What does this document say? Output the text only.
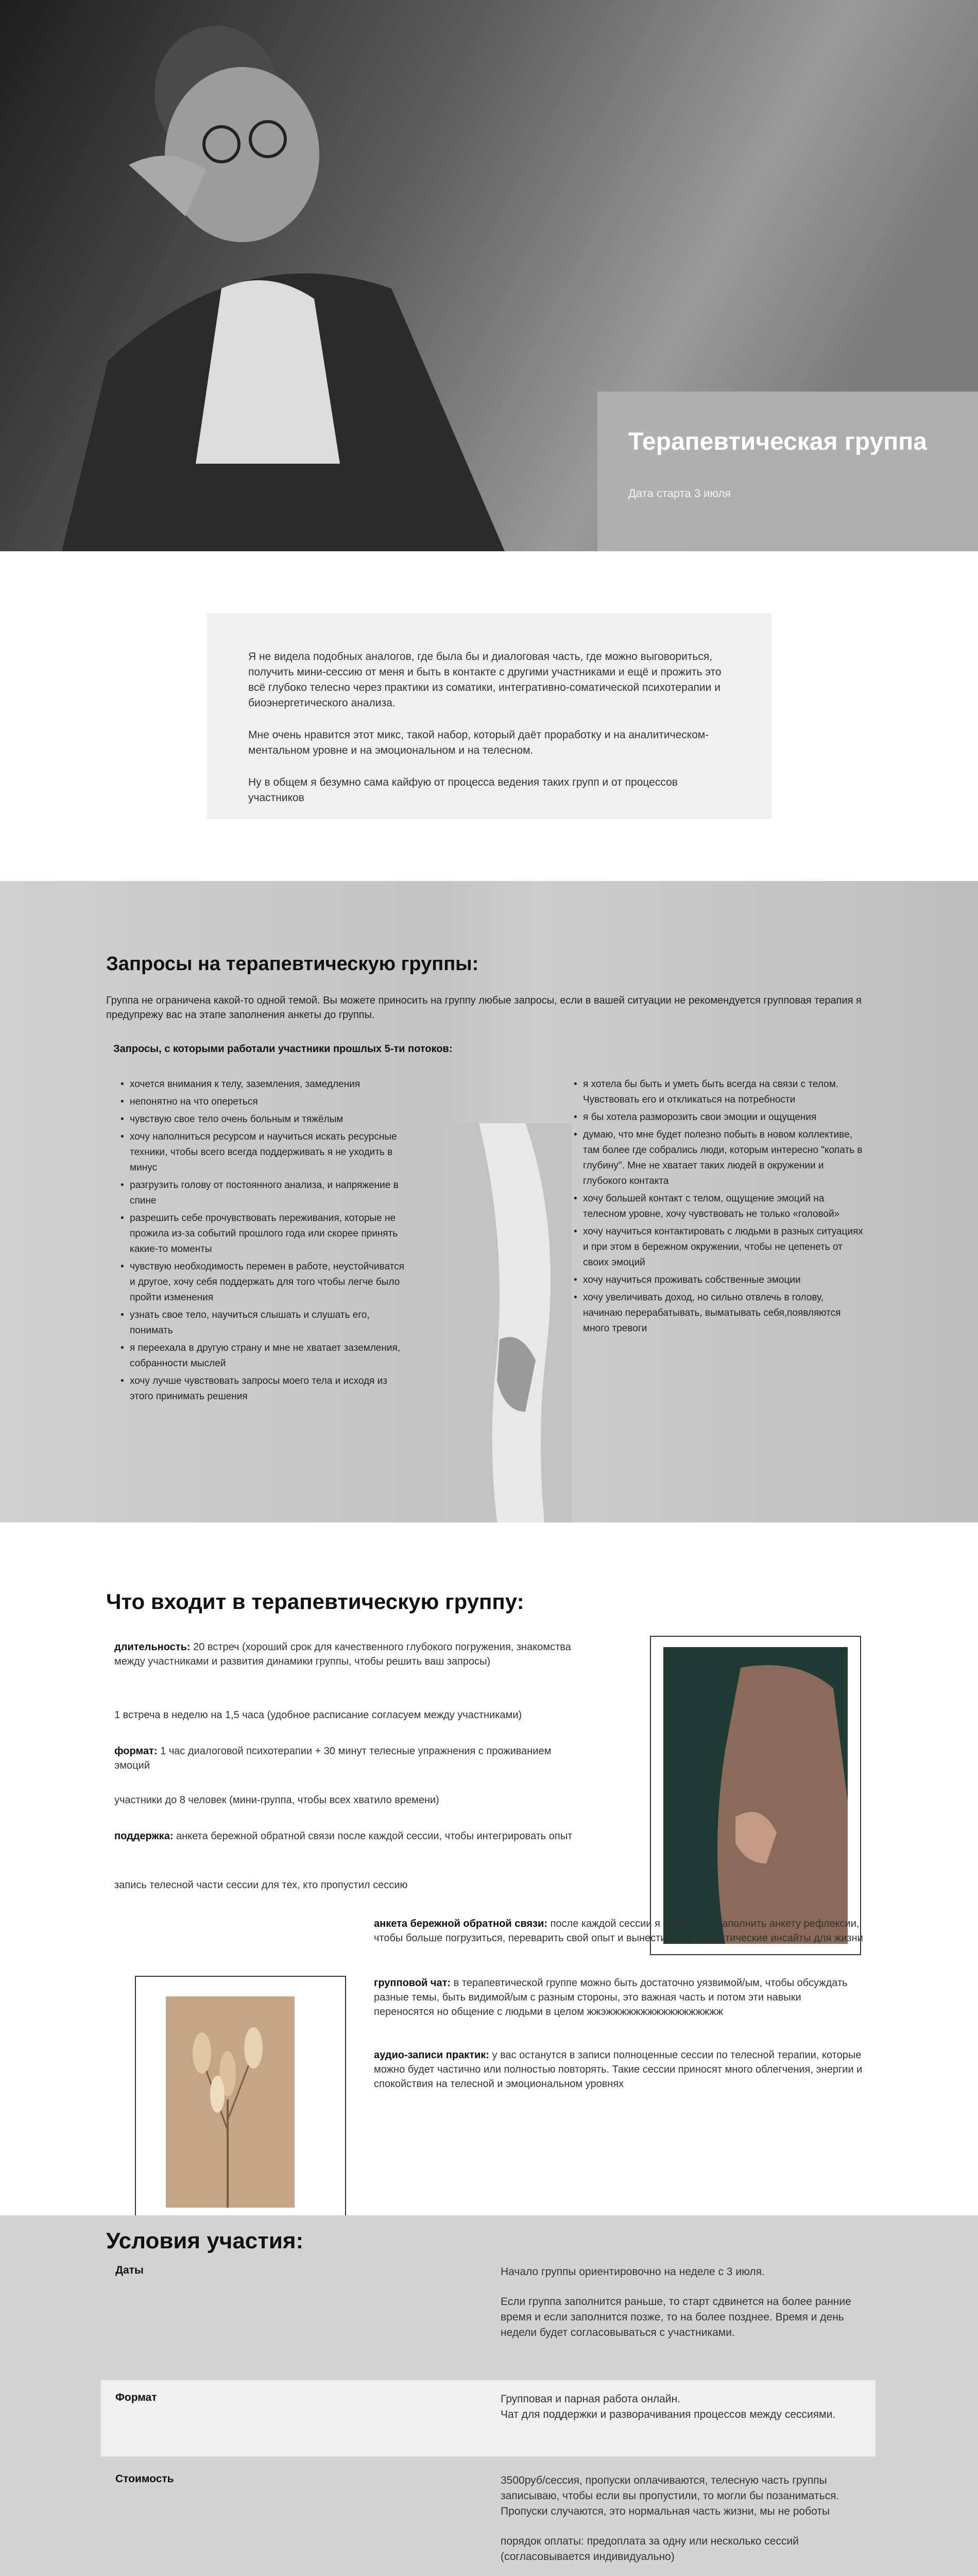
Терапевтическая группа
Дата старта 3 июля

Я не видела подобных аналогов, где была бы и диалоговая часть, где можно выговориться, получить мини-сессию от меня и быть в контакте с другими участниками и ещё и прожить это всё глубоко телесно через практики из соматики, интегративно-соматической психотерапии и биоэнергетического анализа.

Мне очень нравится этот микс, такой набор, который даёт проработку и на аналитическом-ментальном уровне и на эмоциональном и на телесном.

Ну в общем я безумно сама кайфую от процесса ведения таких групп и от процессов участников

Запросы на терапевтическую группы:
Группа не ограничена какой-то одной темой. Вы можете приносить на группу любые запросы, если в вашей ситуации не рекомендуется групповая терапия я предупрежу вас на этапе заполнения анкеты до группы.
Запросы, с которыми работали участники прошлых 5-ти потоков:
• хочется внимания к телу, заземления, замедления
• непонятно на что опереться
• чувствую свое тело очень больным и тяжёлым
• хочу наполниться ресурсом и научиться искать ресурсные техники, чтобы всего всегда поддерживать я не уходить в минус
• разгрузить голову от постоянного анализа, и напряжение в спине
• разрешить себе прочувствовать переживания, которые не прожила из-за событий прошлого года или скорее принять какие-то моменты
• чувствую необходимость перемен в работе, неустойчиватся и другое, хочу себя поддержать для того чтобы легче было пройти изменения
• узнать свое тело, научиться слышать и слушать его, понимать
• я переехала в другую страну и мне не хватает заземления, собранности мыслей
• хочу лучше чувствовать запросы моего тела и исходя из этого принимать решения
• я хотела бы быть и уметь быть всегда на связи с телом. Чувствовать его и откликаться на потребности
• я бы хотела разморозить свои эмоции и ощущения
• думаю, что мне будет полезно побыть в новом коллективе, там более где собрались люди, которым интересно "копать в глубину". Мне не хватает таких людей в окружении и глубокого контакта
• хочу большей контакт с телом, ощущение эмоций на телесном уровне, хочу чувствовать не только «головой»
• хочу научиться контактировать с людьми в разных ситуациях и при этом в бережном окружении, чтобы не цепенеть от своих эмоций
• хочу научиться проживать собственные эмоции
• хочу увеличивать доход, но сильно отвлечь в голову, начинаю перерабатывать, выматывать себя,появляются много тревоги
Что входит в терапевтическую группу:
длительность: 20 встреч (хороший срок для качественного глубокого погружения, знакомства между участниками и развития динамики группы, чтобы решить ваш запросы)
1 встреча в неделю на 1,5 часа (удобное расписание согласуем между участниками)
формат: 1 час диалоговой психотерапии + 30 минут телесные упражнения с проживанием эмоций
участники до 8 человек (мини-группа, чтобы всех хватило времени)
поддержка: анкета бережной обратной связи после каждой сессии, чтобы интегрировать опыт
запись телесной части сессии для тех, кто пропустил сессию
анкета бережной обратной связи: после каждой сессии я предлагаю заполнить анкету рефлексии, чтобы больше погрузиться, переварить свой опыт и вынести оттуда практические инсайты для жизни
групповой чат: в терапевтической группе можно быть достаточно уязвимой/ым, чтобы обсуждать разные темы, быть видимой/ым с разным стороны, это важная часть и потом эти навыки переносятся но общение с людьми в целом жжэжжжжжжжжжжжжжжжжж
аудио-записи практик: у вас останутся в записи полноценные сессии по телесной терапии, которые можно будет частично или полностью повторять. Такие сессии приносят много облегчения, энергии и спокойствия на телесной и эмоциональном уровнях
Условия участия:
Даты	Начало группы ориентировочно на неделе с 3 июля.

Если группа заполнится раньше, то старт сдвинется на более ранние время и если заполнится позже, то на более позднее. Время и день недели будет согласовываться с участниками.

Формат	Групповая и парная работа онлайн.
Чат для поддержки и разворачивания процессов между сессиями.
Стоимость	3500руб/сессия, пропуски оплачиваются, телесную часть группы записываю, чтобы если вы пропустили, то могли бы позаниматься. Пропуски случаются, это нормальная часть жизни, мы не роботы

порядок оплаты: предоплата за одну или несколько сессий (согласовывается индивидуально)
